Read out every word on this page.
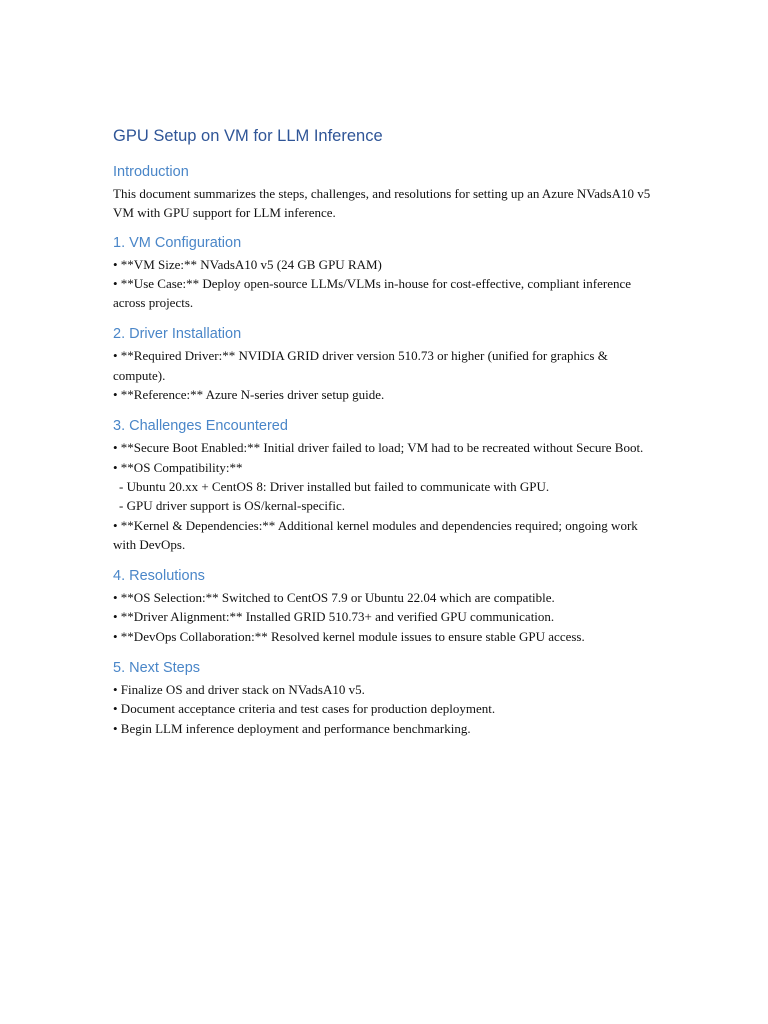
GPU Setup on VM for LLM Inference
Introduction

This document summarizes the steps, challenges, and resolutions for setting up an Azure NVadsA10 v5 VM with GPU support for LLM inference.

1. VM Configuration
• **VM Size:** NVadsA10 v5 (24 GB GPU RAM)
• **Use Case:** Deploy open-source LLMs/VLMs in-house for cost-effective, compliant inference across projects.
2. Driver Installation
• **Required Driver:** NVIDIA GRID driver version 510.73 or higher (unified for graphics & compute).
• **Reference:** Azure N-series driver setup guide.
3. Challenges Encountered
• **Secure Boot Enabled:** Initial driver failed to load; VM had to be recreated without Secure Boot.
• **OS Compatibility:**
- Ubuntu 20.xx + CentOS 8: Driver installed but failed to communicate with GPU.
- GPU driver support is OS/kernal-specific.
• **Kernel & Dependencies:** Additional kernel modules and dependencies required; ongoing work with DevOps.
4. Resolutions
• **OS Selection:** Switched to CentOS 7.9 or Ubuntu 22.04 which are compatible.
• **Driver Alignment:** Installed GRID 510.73+ and verified GPU communication.
• **DevOps Collaboration:** Resolved kernel module issues to ensure stable GPU access.
5. Next Steps
• Finalize OS and driver stack on NVadsA10 v5.
• Document acceptance criteria and test cases for production deployment.
• Begin LLM inference deployment and performance benchmarking.
